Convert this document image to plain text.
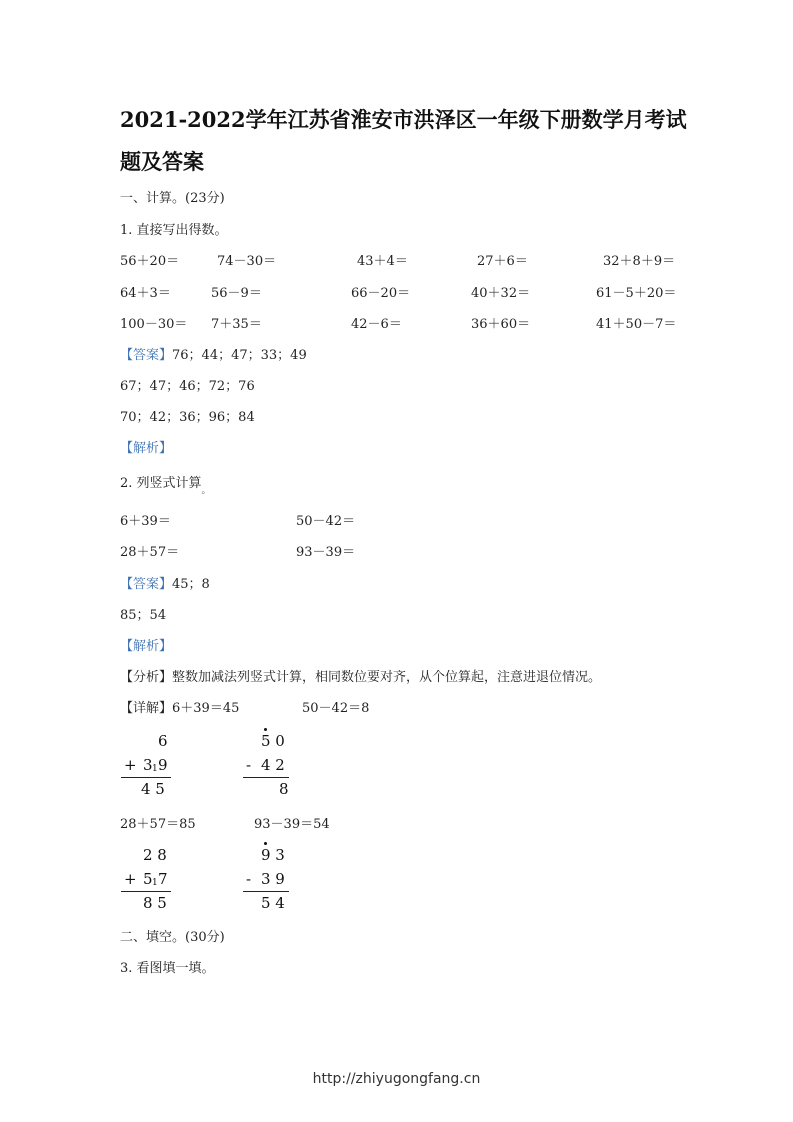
2021-2022学年江苏省淮安市洪泽区一年级下册数学月考试
题及答案
一、计算。(23分)
1. 直接写出得数。
56＋20＝	74－30＝	43＋4＝	27＋6＝	32＋8＋9＝
64＋3＝	56－9＝	66－20＝	40＋32＝	61－5＋20＝
100－30＝ 7＋35＝	42－6＝	36＋60＝	41＋50－7＝
【答案】76；44；47；33；49
67；47；46；72；76
70；42；36；96；84
【解析】
2. 列竖式计算$_。$
6＋39＝	50－42＝
28＋57＝	93－39＝
【答案】45；8
85；54
【解析】
【分析】整数加减法列竖式计算，相同数位要对齐，从个位算起，注意进退位情况。
【详解】6＋39＝45	50－42＝8
6
+ 3 1 9
4 5
5 0
- 4 2
8
28＋57＝85	93－39＝54
2 8
+ 5 1 7
8 5
9 3
- 3 9
5 4
二、填空。(30分)
3. 看图填一填。
http://zhiyugongfang.cn
